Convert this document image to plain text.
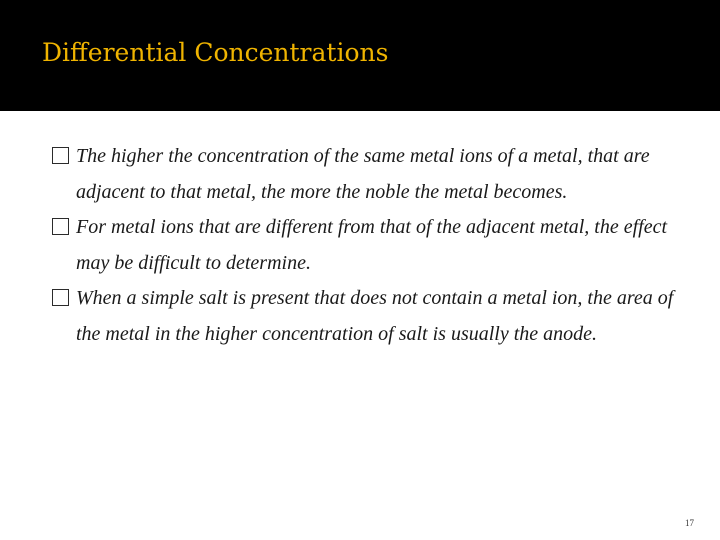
Differential Concentrations
The higher the concentration of the same metal ions of a metal, that are adjacent to that metal, the more the noble the metal becomes.
For metal ions that are different from that of the adjacent metal, the effect may be difficult to determine.
When a simple salt is present that does not contain a metal ion, the area of the metal in the higher concentration of salt is usually the anode.
17
